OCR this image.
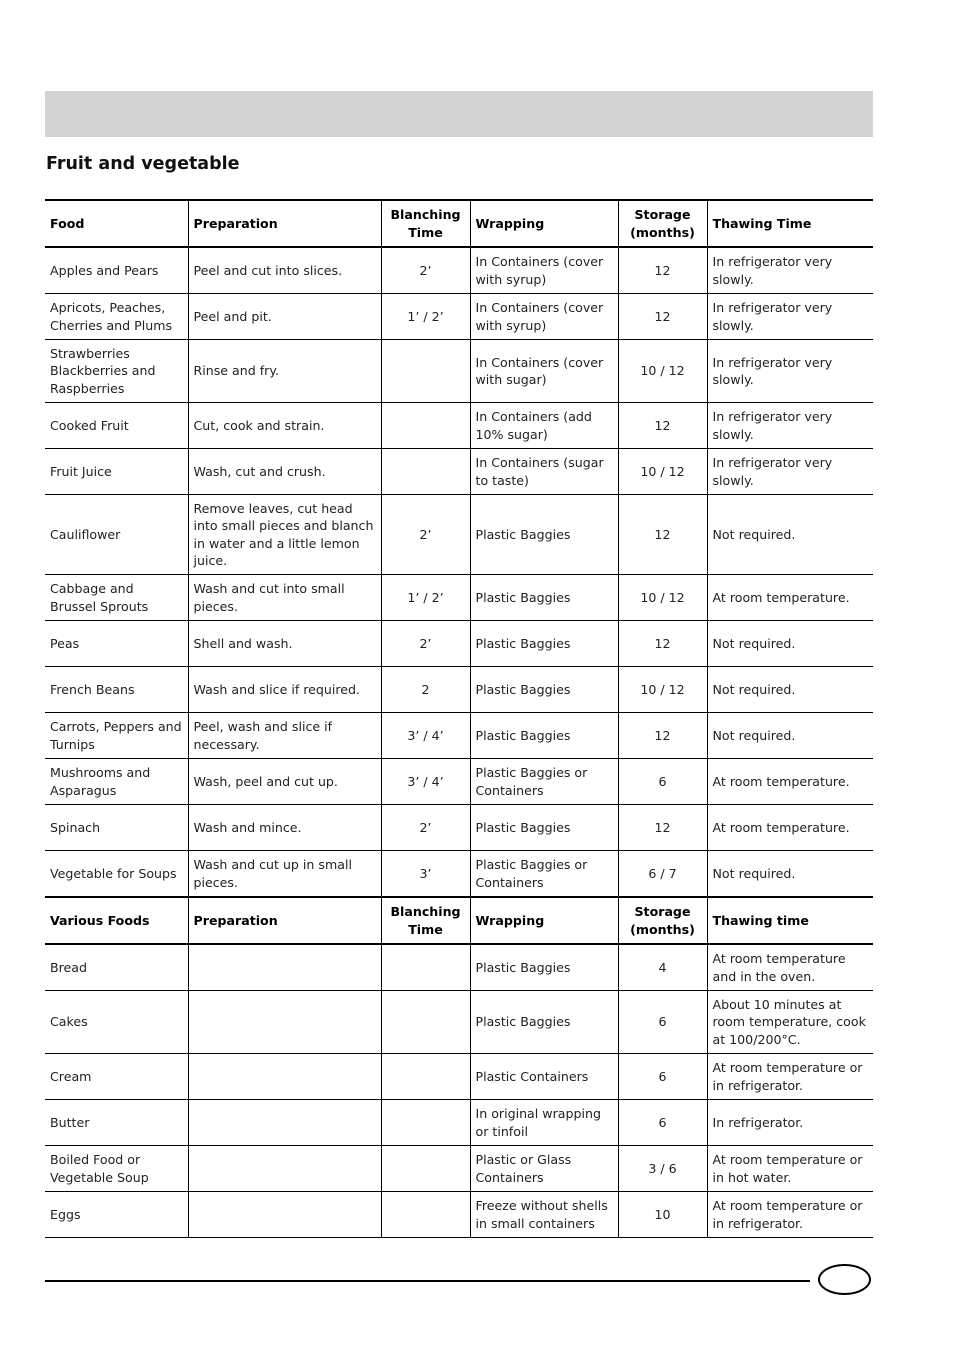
Fruit and vegetable
Food	Preparation	Blanching Time	Wrapping	Storage (months)	Thawing Time
Apples and Pears	Peel and cut into slices.	2’	In Containers (cover with syrup)	12	In refrigerator very slowly.
Apricots, Peaches, Cherries and Plums	Peel and pit.	1’ / 2’	In Containers (cover with syrup)	12	In refrigerator very slowly.
Strawberries Blackberries and Raspberries	Rinse and fry.		In Containers (cover with sugar)	10 / 12	In refrigerator very slowly.
Cooked Fruit	Cut, cook and strain.		In Containers (add 10% sugar)	12	In refrigerator very slowly.
Fruit Juice	Wash, cut and crush.		In Containers (sugar to taste)	10 / 12	In refrigerator very slowly.
Cauliflower	Remove leaves, cut head into small pieces and blanch in water and a little lemon juice.	2’	Plastic Baggies	12	Not required.
Cabbage and Brussel Sprouts	Wash and cut into small pieces.	1’ / 2’	Plastic Baggies	10 / 12	At room temperature.
Peas	Shell and wash.	2’	Plastic Baggies	12	Not required.
French Beans	Wash and slice if required.	2	Plastic Baggies	10 / 12	Not required.
Carrots, Peppers and Turnips	Peel, wash and slice if necessary.	3’ / 4’	Plastic Baggies	12	Not required.
Mushrooms and Asparagus	Wash, peel and cut up.	3’ / 4’	Plastic Baggies or Containers	6	At room temperature.
Spinach	Wash and mince.	2’	Plastic Baggies	12	At room temperature.
Vegetable for Soups	Wash and cut up in small pieces.	3’	Plastic Baggies or Containers	6 / 7	Not required.
Various Foods	Preparation	Blanching Time	Wrapping	Storage (months)	Thawing time
Bread			Plastic Baggies	4	At room temperature and in the oven.
Cakes			Plastic Baggies	6	About 10 minutes at room temperature, cook at 100/200°C.
Cream			Plastic Containers	6	At room temperature or in refrigerator.
Butter			In original wrapping or tinfoil	6	In refrigerator.
Boiled Food or Vegetable Soup			Plastic or Glass Containers	3 / 6	At room temperature or in hot water.
Eggs			Freeze without shells in small containers	10	At room temperature or in refrigerator.
